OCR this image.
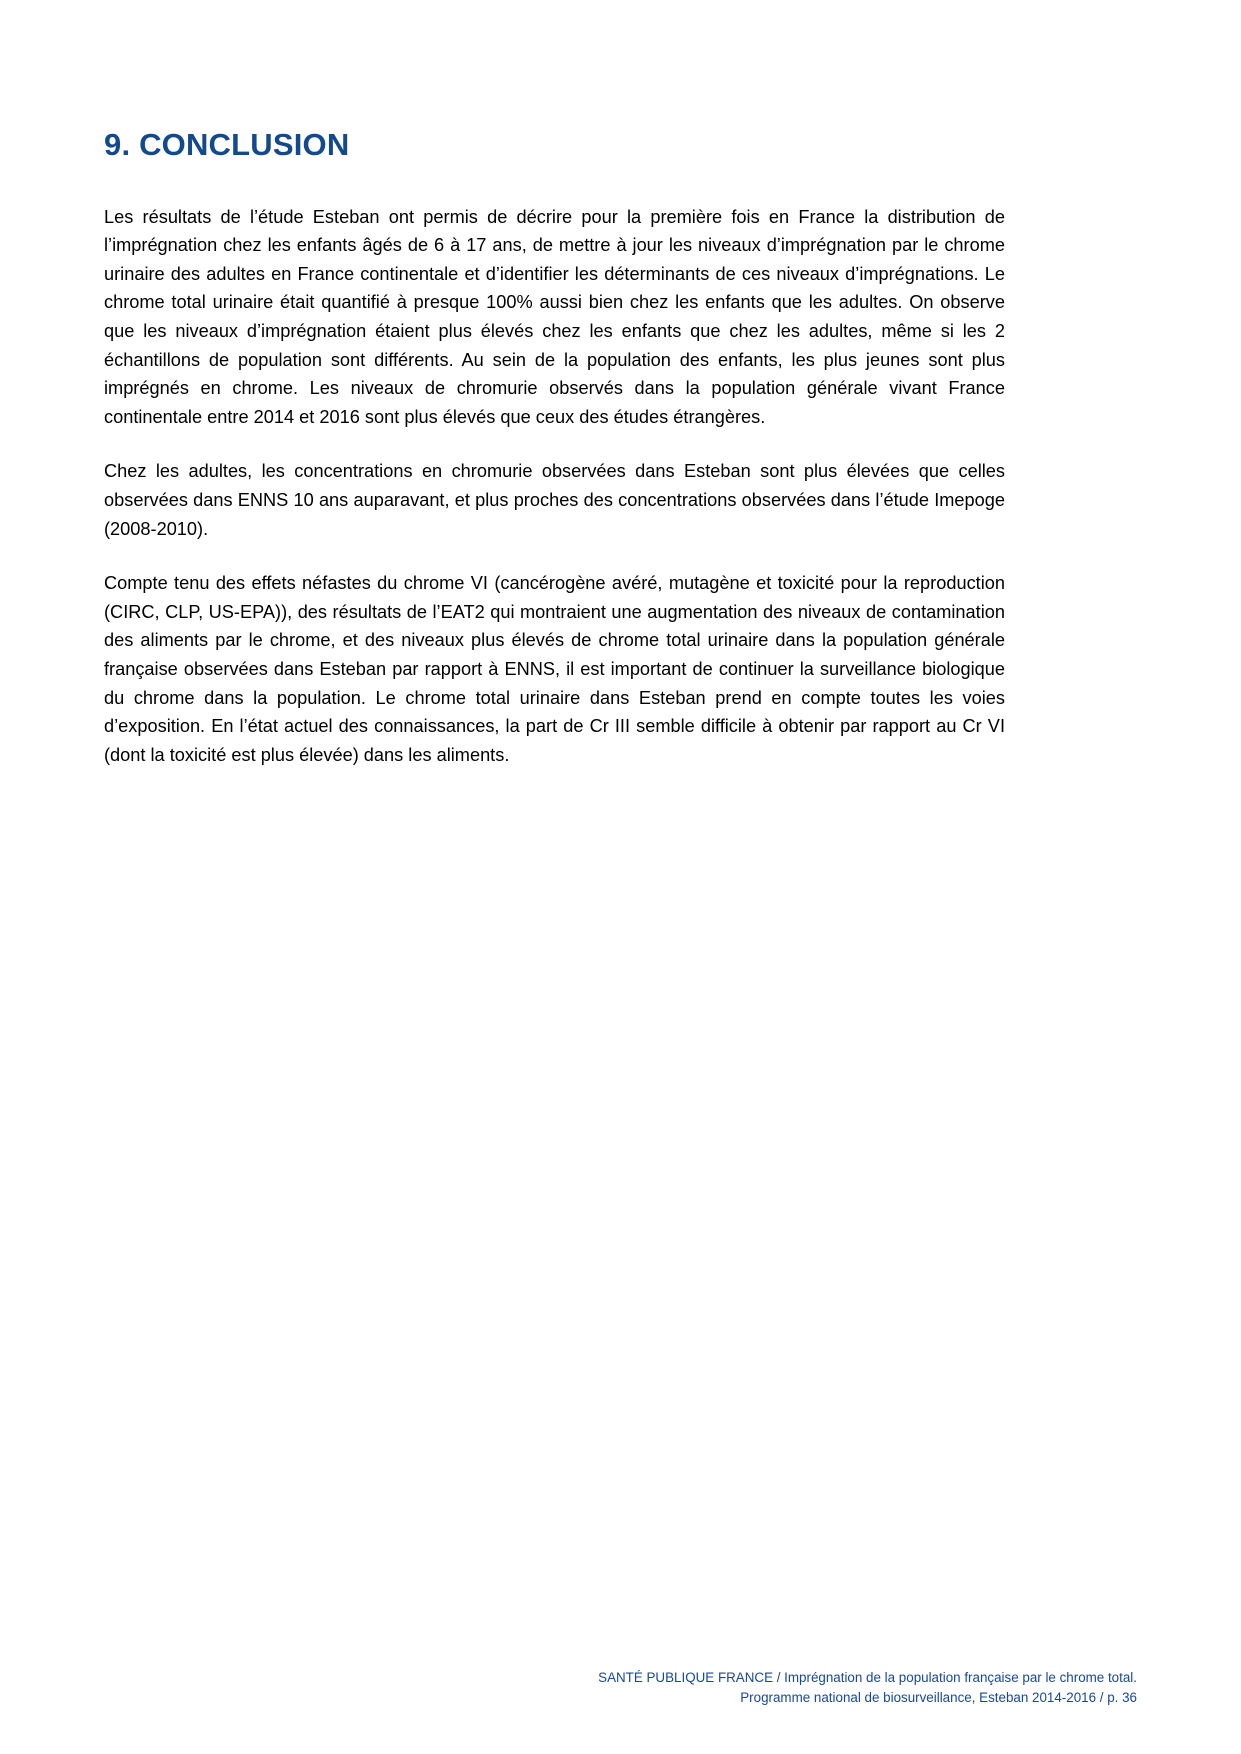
9. CONCLUSION

Les résultats de l’étude Esteban ont permis de décrire pour la première fois en France la distribution de l’imprégnation chez les enfants âgés de 6 à 17 ans, de mettre à jour les niveaux d’imprégnation par le chrome urinaire des adultes en France continentale et d’identifier les déterminants de ces niveaux d’imprégnations. Le chrome total urinaire était quantifié à presque 100% aussi bien chez les enfants que les adultes. On observe que les niveaux d’imprégnation étaient plus élevés chez les enfants que chez les adultes, même si les 2 échantillons de population sont différents. Au sein de la population des enfants, les plus jeunes sont plus imprégnés en chrome. Les niveaux de chromurie observés dans la population générale vivant France continentale entre 2014 et 2016 sont plus élevés que ceux des études étrangères.

Chez les adultes, les concentrations en chromurie observées dans Esteban sont plus élevées que celles observées dans ENNS 10 ans auparavant, et plus proches des concentrations observées dans l’étude Imepoge (2008-2010).

Compte tenu des effets néfastes du chrome VI (cancérogène avéré, mutagène et toxicité pour la reproduction (CIRC, CLP, US-EPA)), des résultats de l’EAT2 qui montraient une augmentation des niveaux de contamination des aliments par le chrome, et des niveaux plus élevés de chrome total urinaire dans la population générale française observées dans Esteban par rapport à ENNS, il est important de continuer la surveillance biologique du chrome dans la population. Le chrome total urinaire dans Esteban prend en compte toutes les voies d’exposition. En l’état actuel des connaissances, la part de Cr III semble difficile à obtenir par rapport au Cr VI (dont la toxicité est plus élevée) dans les aliments.

SANTÉ PUBLIQUE FRANCE / Imprégnation de la population française par le chrome total.
Programme national de biosurveillance, Esteban 2014-2016 / p. 36
